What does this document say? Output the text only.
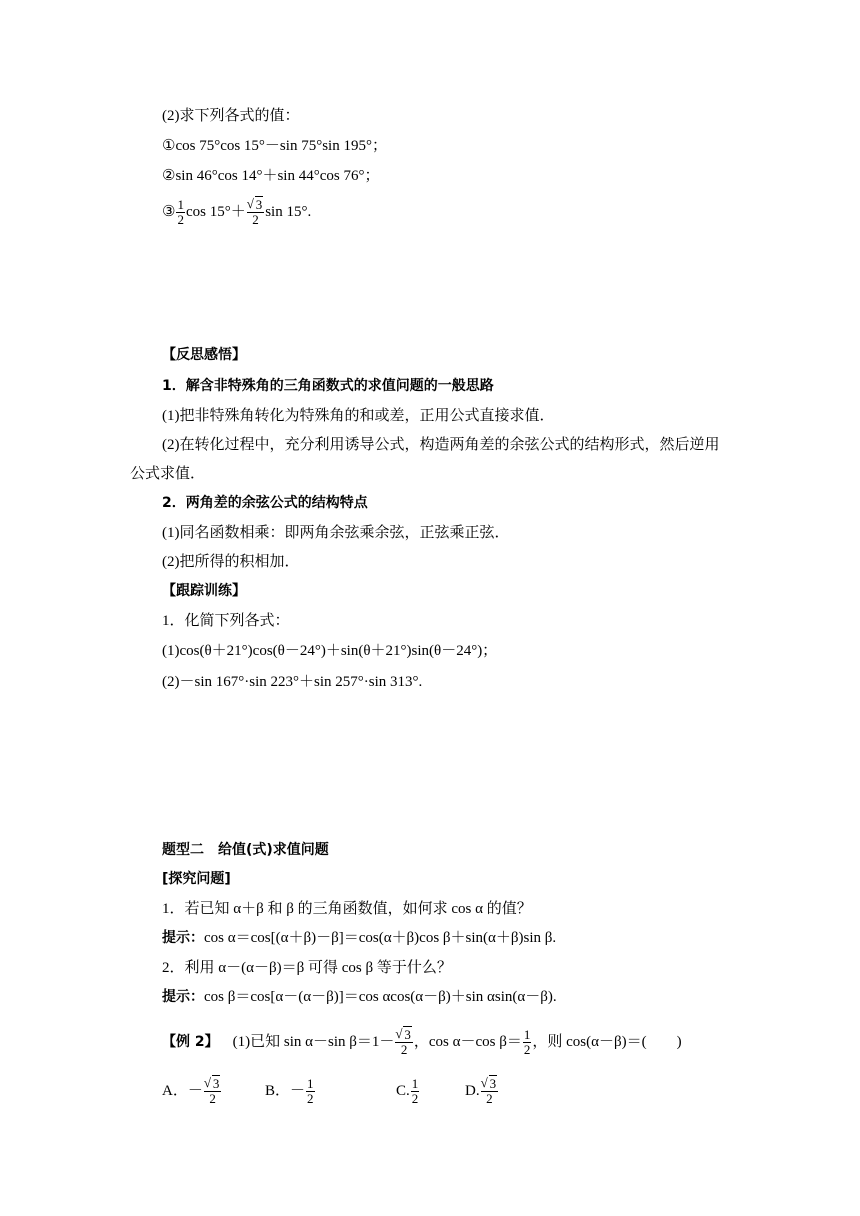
(2)求下列各式的值：
①cos 75°cos 15°－sin 75°sin 195°；
②sin 46°cos 14°＋sin 44°cos 76°；
③ $\frac{1}{2}$ cos 15°＋ √ $\frac{3}{2}$ sin 15°.
【反思感悟】
1．解含非特殊角的三角函数式的求值问题的一般思路
(1)把非特殊角转化为特殊角的和或差，正用公式直接求值．
(2)在转化过程中，充分利用诱导公式，构造两角差的余弦公式的结构形式，然后逆用
公式求值．
2．两角差的余弦公式的结构特点
(1)同名函数相乘：即两角余弦乘余弦，正弦乘正弦．
(2)把所得的积相加．
【跟踪训练】
1．化简下列各式：
(1)cos(θ＋21°)cos(θ－24°)＋sin(θ＋21°)sin(θ－24°)；
(2)－sin 167°·sin 223°＋sin 257°·sin 313°.
题型二　给值(式)求值问题
[探究问题]
1．若已知 α＋β 和 β 的三角函数值，如何求 cos α 的值？
提示：cos α＝cos[(α＋β)－β]＝cos(α＋β)cos β＋sin(α＋β)sin β.
2．利用 α－(α－β)＝β 可得 cos β 等于什么？
提示：cos β＝cos[α－(α－β)]＝cos αcos(α－β)＋sin αsin(α－β).
【例 2】 (1)已知 sin α－sin β＝1－ √ $\frac{3}{2}$ ，cos α－cos $\beta= \frac{1}{2}$ ，则 cos(α－β)＝(　　)
A．－ √ $\frac{3}{2}$	B．－ $\frac{1}{2}$	C. $\frac{1}{2}$	D. √ $\frac{3}{2}$
